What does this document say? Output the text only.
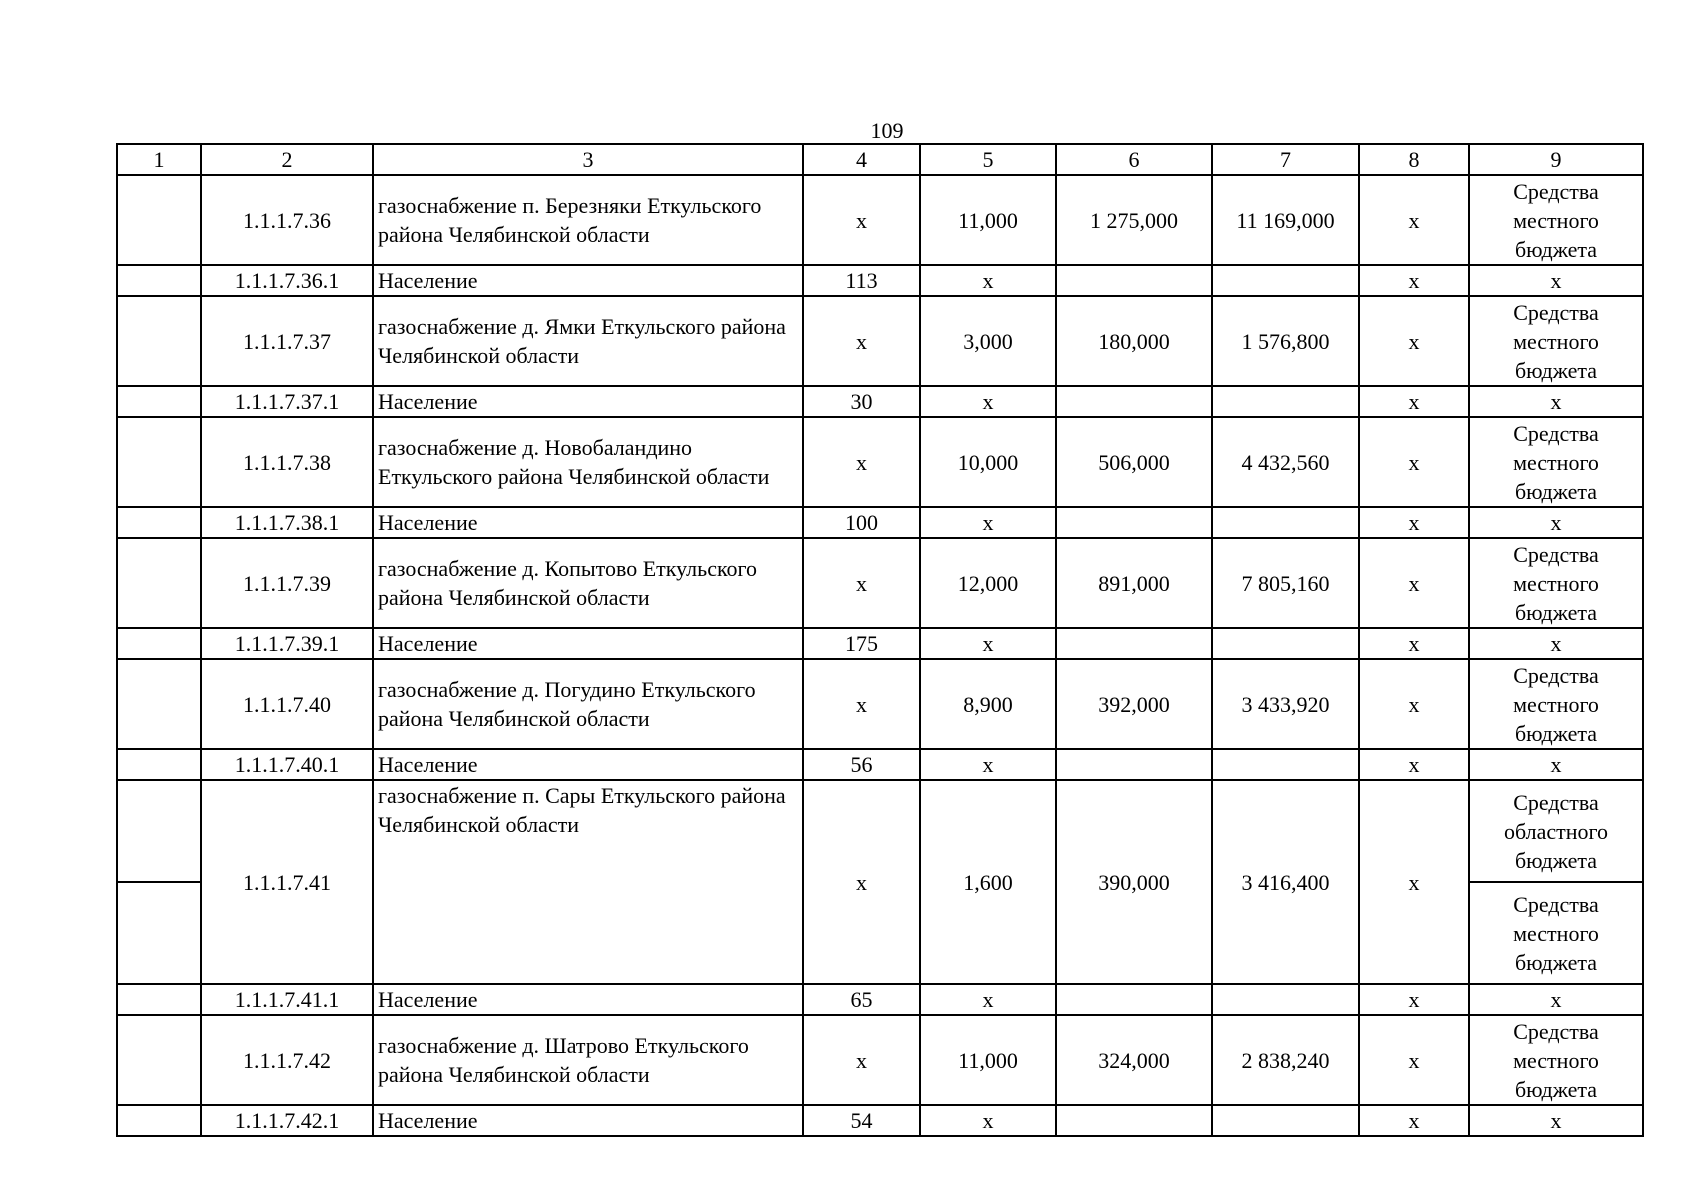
109
1	2	3	4	5	6	7	8	9
	1.1.1.7.36	газоснабжение п. Березняки Еткульского района Челябинской области	х	11,000	1 275,000	11 169,000	х	Средства местного бюджета
	1.1.1.7.36.1	Население	113	х			х	х
	1.1.1.7.37	газоснабжение д. Ямки Еткульского района Челябинской области	х	3,000	180,000	1 576,800	х	Средства местного бюджета
	1.1.1.7.37.1	Население	30	х			х	х
	1.1.1.7.38	газоснабжение д. Новобаландино Еткульского района Челябинской области	х	10,000	506,000	4 432,560	х	Средства местного бюджета
	1.1.1.7.38.1	Население	100	х			х	х
	1.1.1.7.39	газоснабжение д. Копытово Еткульского района Челябинской области	х	12,000	891,000	7 805,160	х	Средства местного бюджета
	1.1.1.7.39.1	Население	175	х			х	х
	1.1.1.7.40	газоснабжение д. Погудино Еткульского района Челябинской области	х	8,900	392,000	3 433,920	х	Средства местного бюджета
	1.1.1.7.40.1	Население	56	х			х	х
	1.1.1.7.41	газоснабжение п. Сары Еткульского района Челябинской области	х	1,600	390,000	3 416,400	х	Средства областного бюджета
								Средства местного бюджета
	1.1.1.7.41.1	Население	65	х			х	х
	1.1.1.7.42	газоснабжение д. Шатрово Еткульского района Челябинской области	х	11,000	324,000	2 838,240	х	Средства местного бюджета
	1.1.1.7.42.1	Население	54	х			х	х
